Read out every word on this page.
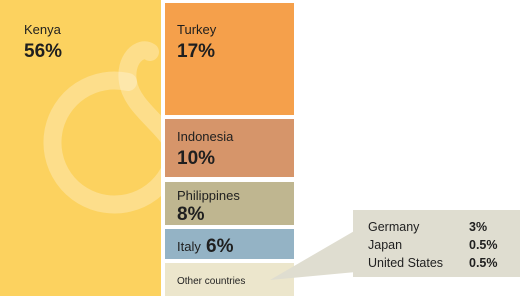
Kenya
56%
Turkey
17%
Indonesia
10%
Philippines
8%
Italy 6%
Other countries
Germany	3%
Japan	0.5%
United States 0.5%
